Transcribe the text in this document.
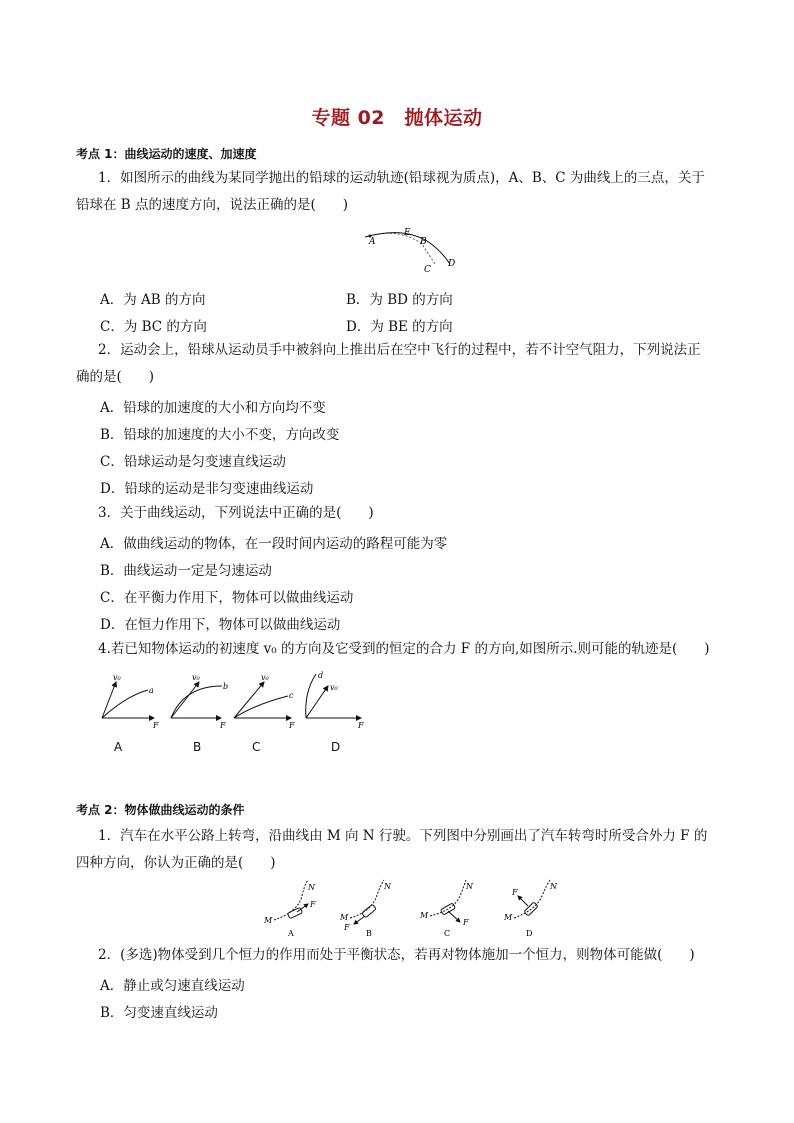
专题 02　抛体运动
考点 1：曲线运动的速度、加速度
1．如图所示的曲线为某同学抛出的铅球的运动轨迹(铅球视为质点)，A、B、C 为曲线上的三点，关于
铅球在 B 点的速度方向，说法正确的是(　　)
A
E
B
C
D
A．为 AB 的方向	B．为 BD 的方向
C．为 BC 的方向	D．为 BE 的方向
2．运动会上，铅球从运动员手中被斜向上推出后在空中飞行的过程中，若不计空气阻力，下列说法正
确的是(　　)
A．铅球的加速度的大小和方向均不变
B．铅球的加速度的大小不变，方向改变
C．铅球运动是匀变速直线运动
D．铅球的运动是非匀变速曲线运动
3．关于曲线运动，下列说法中正确的是(　　)
A．做曲线运动的物体，在一段时间内运动的路程可能为零
B．曲线运动一定是匀速运动
C．在平衡力作用下，物体可以做曲线运动
D．在恒力作用下，物体可以做曲线运动
4.若已知物体运动的初速度 v₀ 的方向及它受到的恒定的合力 F 的方向,如图所示.则可能的轨迹是(　　)
v₀
a
F
v₀
b
F
v₀
c
F
d
v₀
F
A	B	C	D
考点 2：物体做曲线运动的条件
1．汽车在水平公路上转弯，沿曲线由 M 向 N 行驶。下列图中分别画出了汽车转弯时所受合外力 F 的
四种方向，你认为正确的是(　　)
M
N
F
A
M
N
F
B
M
N
F
C
M
N
F
D
2．(多选)物体受到几个恒力的作用而处于平衡状态，若再对物体施加一个恒力，则物体可能做(　　)
A．静止或匀速直线运动
B．匀变速直线运动
